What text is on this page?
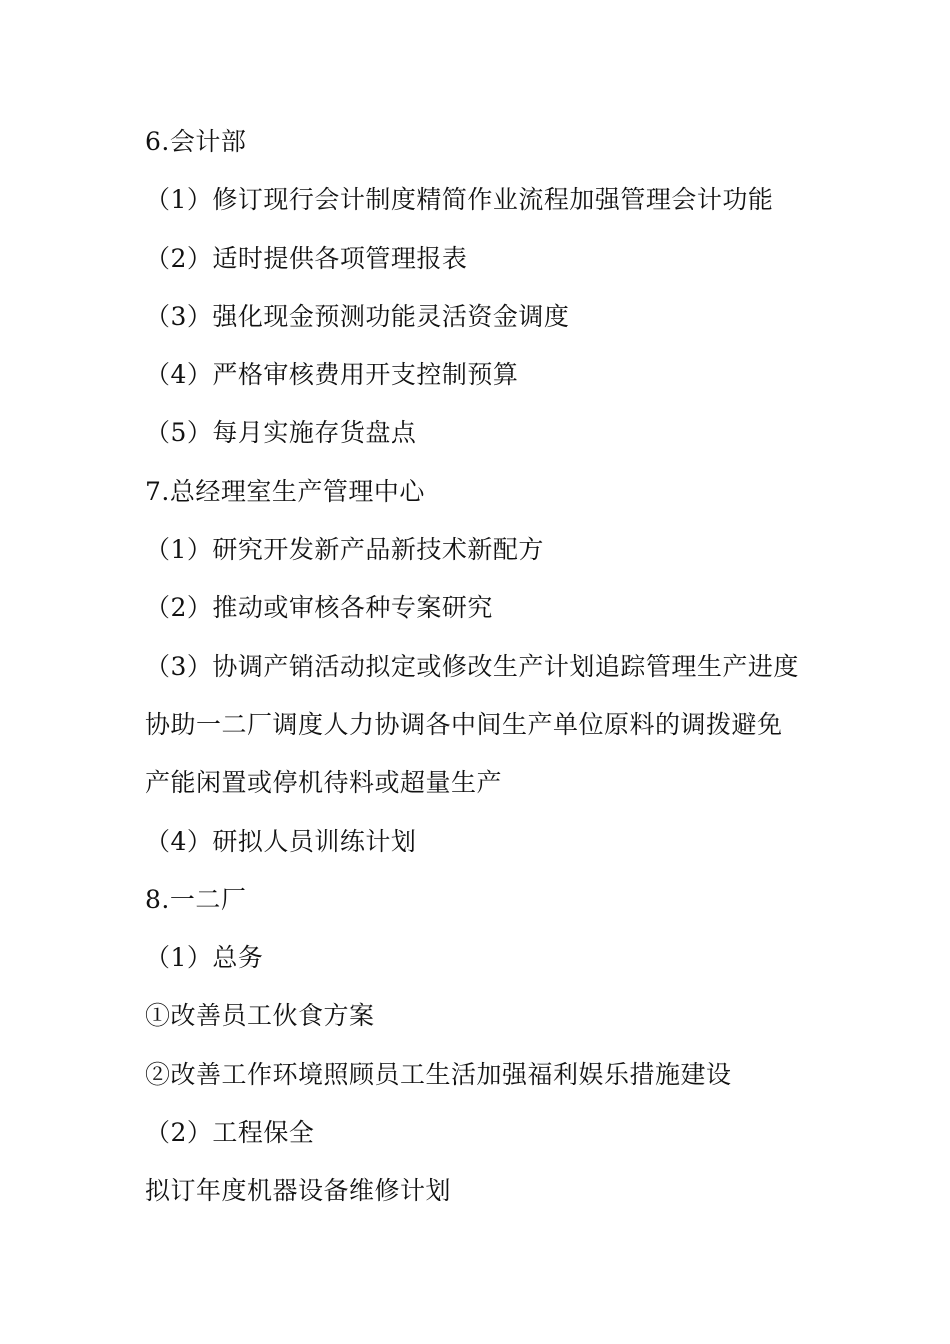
6.会计部
（1）修订现行会计制度精简作业流程加强管理会计功能
（2）适时提供各项管理报表
（3）强化现金预测功能灵活资金调度
（4）严格审核费用开支控制预算
（5）每月实施存货盘点
7.总经理室生产管理中心
（1）研究开发新产品新技术新配方
（2）推动或审核各种专案研究
（3）协调产销活动拟定或修改生产计划追踪管理生产进度
协助一二厂调度人力协调各中间生产单位原料的调拨避免
产能闲置或停机待料或超量生产
（4）研拟人员训练计划
8.一二厂
（1）总务
①改善员工伙食方案
②改善工作环境照顾员工生活加强福利娱乐措施建设
（2）工程保全
拟订年度机器设备维修计划
